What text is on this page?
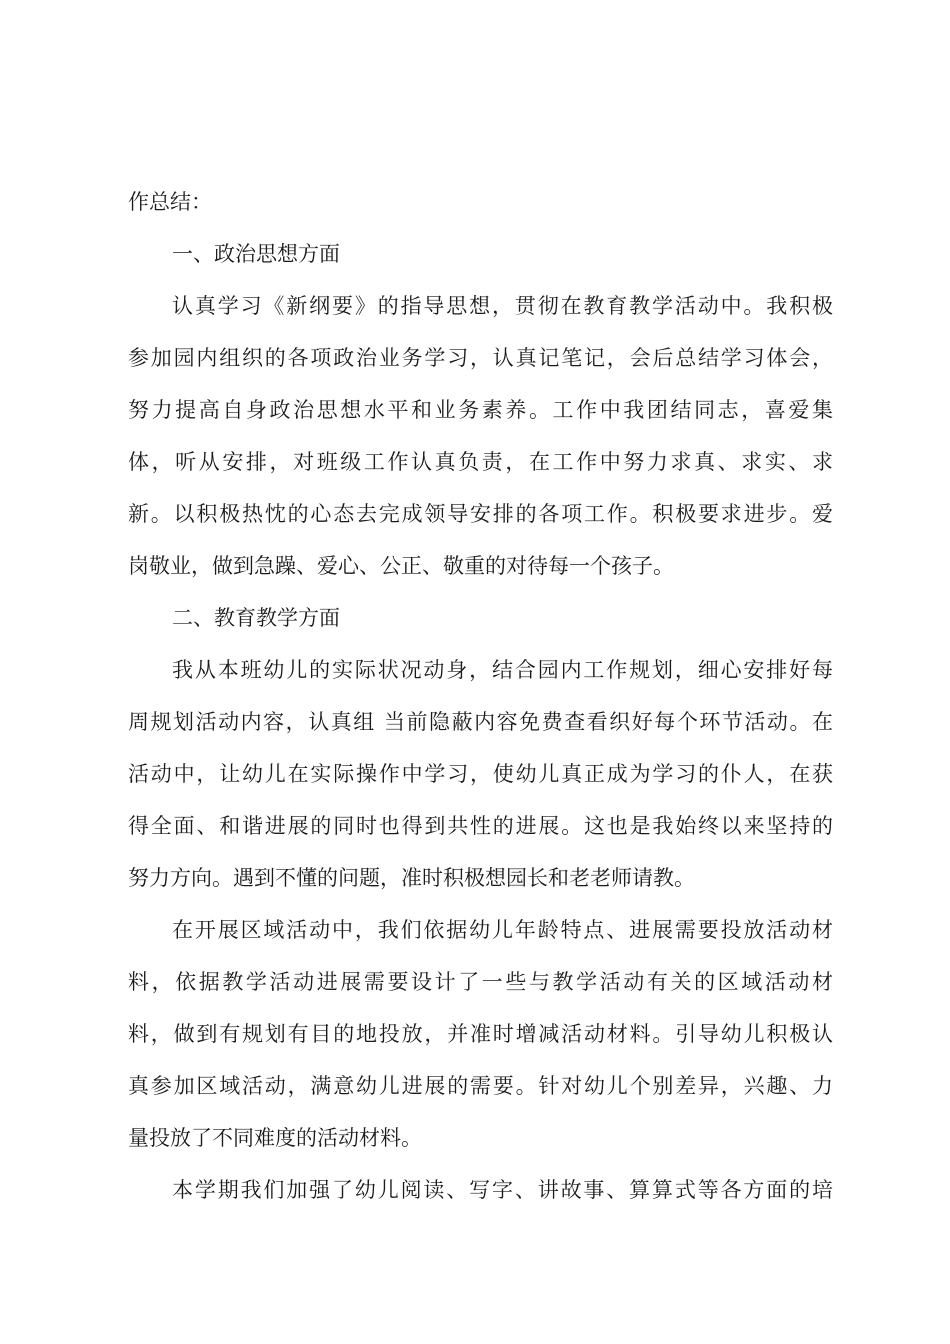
作总结：
一、政治思想方面
认真学习《新纲要》的指导思想，贯彻在教育教学活动中。我积极
参加园内组织的各项政治业务学习，认真记笔记，会后总结学习体会，
努力提高自身政治思想水平和业务素养。工作中我团结同志，喜爱集
体，听从安排，对班级工作认真负责，在工作中努力求真、求实、求
新。以积极热忱的心态去完成领导安排的各项工作。积极要求进步。爱
岗敬业，做到急躁、爱心、公正、敬重的对待每一个孩子。
二、教育教学方面
我从本班幼儿的实际状况动身，结合园内工作规划，细心安排好每
周规划活动内容，认真组 当前隐蔽内容免费查看织好每个环节活动。在
活动中，让幼儿在实际操作中学习，使幼儿真正成为学习的仆人，在获
得全面、和谐进展的同时也得到共性的进展。这也是我始终以来坚持的
努力方向。遇到不懂的问题，准时积极想园长和老老师请教。
在开展区域活动中，我们依据幼儿年龄特点、进展需要投放活动材
料，依据教学活动进展需要设计了一些与教学活动有关的区域活动材
料，做到有规划有目的地投放，并准时增减活动材料。引导幼儿积极认
真参加区域活动，满意幼儿进展的需要。针对幼儿个别差异，兴趣、力
量投放了不同难度的活动材料。
本学期我们加强了幼儿阅读、写字、讲故事、算算式等各方面的培
